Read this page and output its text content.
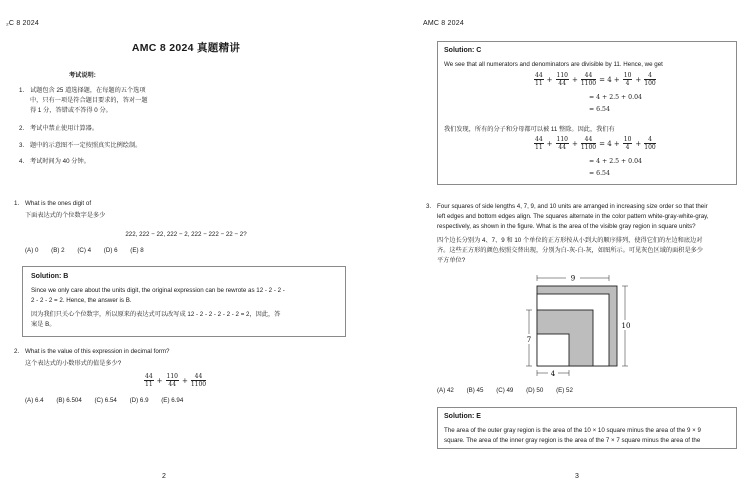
₂C 8 2024
AMC 8 2024 真题精讲
考试说明:
1. 试题包含 25 道选择题，在每题的五个选项
中，只有一项是符合题目要求的，答对一题
得 1 分，答错或不答得 0 分。
2. 考试中禁止使用计算器。
3. 题中的示意图不一定按照真实比例绘制。
4. 考试时间为 40 分钟。
1. What is the ones digit of
下面表达式的个位数字是多少
222, 222 − 22, 222 − 2, 222 − 222 − 22 − 2?
(A) 0 (B) 2 (C) 4 (D) 6 (E) 8
Solution: B
Since we only care about the units digit, the original expression can be rewrote as 12 - 2 - 2 -
2 - 2 - 2 = 2. Hence, the answer is B.
因为我们只关心个位数字，所以原来的表达式可以改写成 12 - 2 - 2 - 2 - 2 - 2 = 2，因此，答
案是 B。
2. What is the value of this expression in decimal form?
这个表达式的小数形式的值是多少?
$\frac{44}{11} + \frac{110}{44} + \frac{44}{1100}$
(A) 6.4 (B) 6.504 (C) 6.54 (D) 6.9 (E) 6.94
2
AMC 8 2024
Solution: C
We see that all numerators and denominators are divisible by 11. Hence, we get
$\frac{44}{11} + \frac{110}{44} + \frac{44}{1100} = 4 + \frac{10}{4} + \frac{4}{100}$
= 4 + 2.5 + 0.04
= 6.54
我们发现，所有的分子和分母都可以被 11 整除。因此，我们有
$\frac{44}{11} + \frac{110}{44} + \frac{44}{1100} = 4 + \frac{10}{4} + \frac{4}{100}$
= 4 + 2.5 + 0.04
= 6.54
3. Four squares of side lengths 4, 7, 9, and 10 units are arranged in increasing size order so that their
left edges and bottom edges align. The squares alternate in the color pattern white-gray-white-gray,
respectively, as shown in the figure. What is the area of the visible gray region in square units?
四个边长分别为 4、7、9 和 10 个单位的正方形按从小到大的顺序排列，使得它们的左边和底边对
齐。这些正方形的颜色按照交替出现，分别为白-灰-白-灰，如图所示。可见灰色区域的面积是多少
平方单位?
9
10
7
4
(A) 42 (B) 45 (C) 49 (D) 50 (E) 52
Solution: E
The area of the outer gray region is the area of the 10 × 10 square minus the area of the 9 × 9
square. The area of the inner gray region is the area of the 7 × 7 square minus the area of the
3
